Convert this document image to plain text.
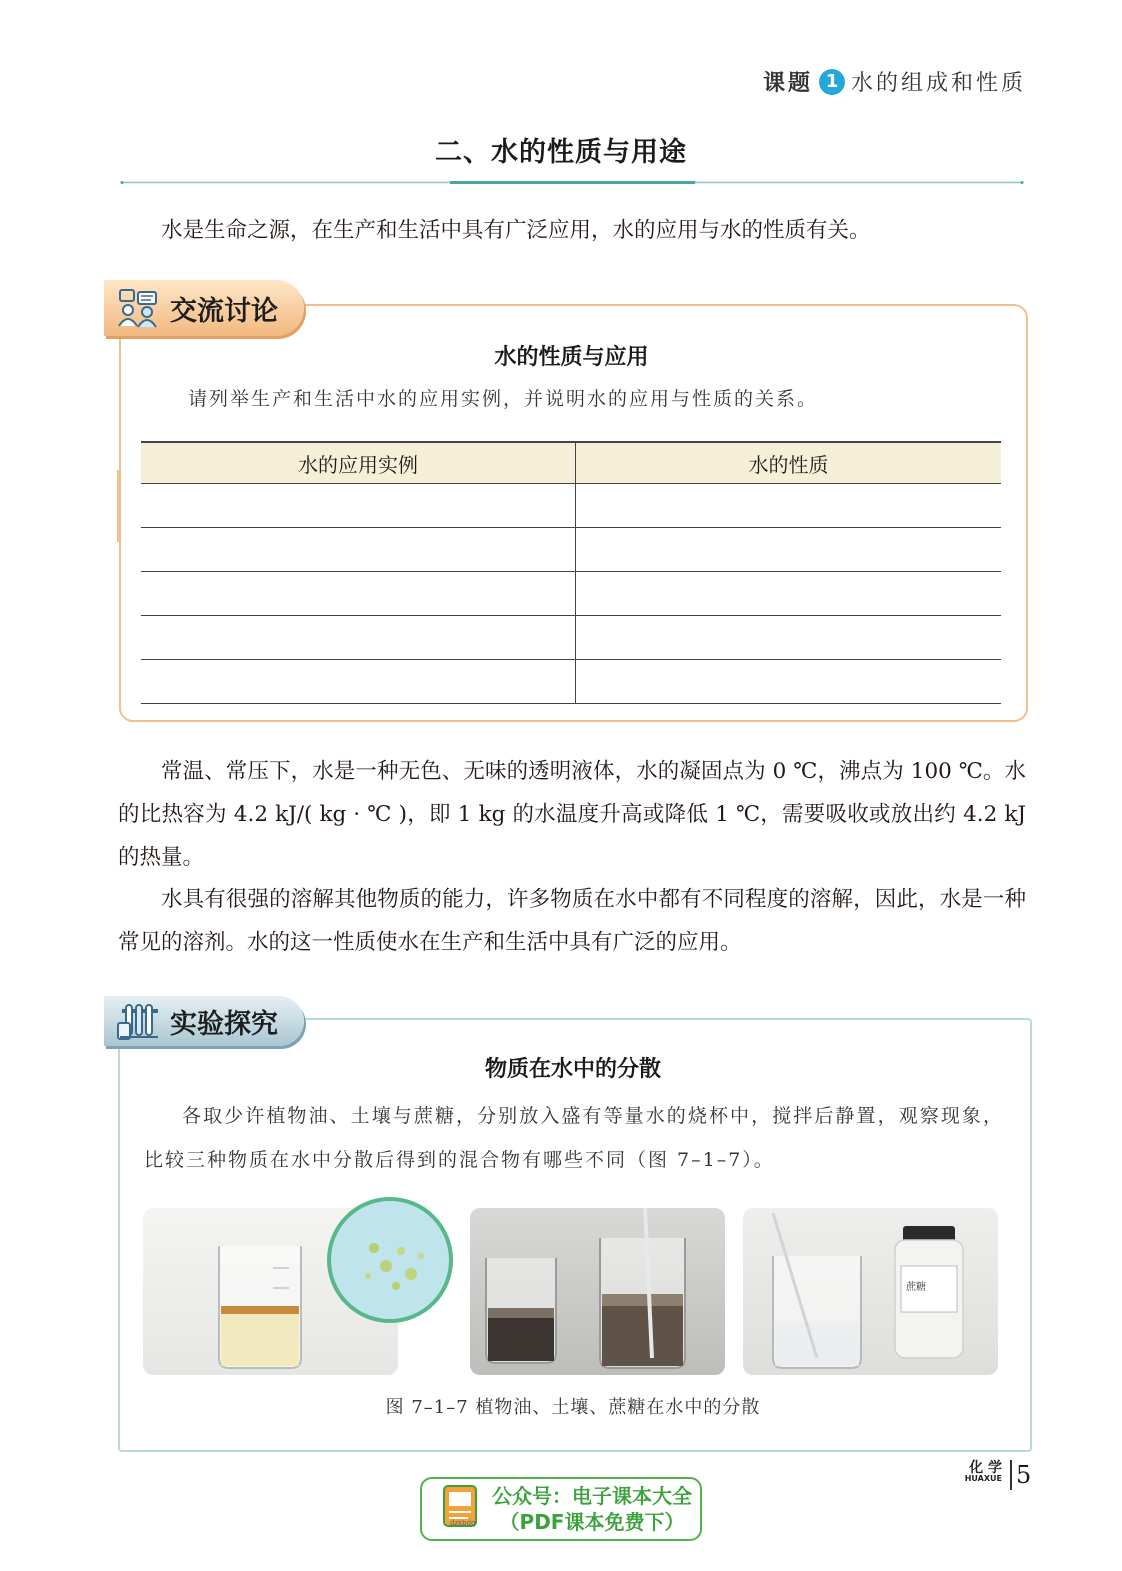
课题 1 水的组成和性质
二、水的性质与用途
水是生命之源，在生产和生活中具有广泛应用，水的应用与水的性质有关。
交流讨论
水的性质与应用
请列举生产和生活中水的应用实例，并说明水的应用与性质的关系。
水的应用实例	水的性质

常温、常压下，水是一种无色、无味的透明液体，水的凝固点为 0 ℃，沸点为 100 ℃。水的比热容为 4.2 kJ/( kg · ℃ )，即 1 kg 的水温度升高或降低 1 ℃，需要吸收或放出约 4.2 kJ 的热量。
水具有很强的溶解其他物质的能力，许多物质在水中都有不同程度的溶解，因此，水是一种常见的溶剂。水的这一性质使水在生产和生活中具有广泛的应用。
实验探究
物质在水中的分散
各取少许植物油、土壤与蔗糖，分别放入盛有等量水的烧杯中，搅拌后静置，观察现象，比较三种物质在水中分散后得到的混合物有哪些不同（图 7–1–7）。
蔗糖
图 7–1–7 植物油、土壤、蔗糖在水中的分散
化 学
HUAXUE 5
dzkbdq
公众号：电子课本大全
（PDF课本免费下）
